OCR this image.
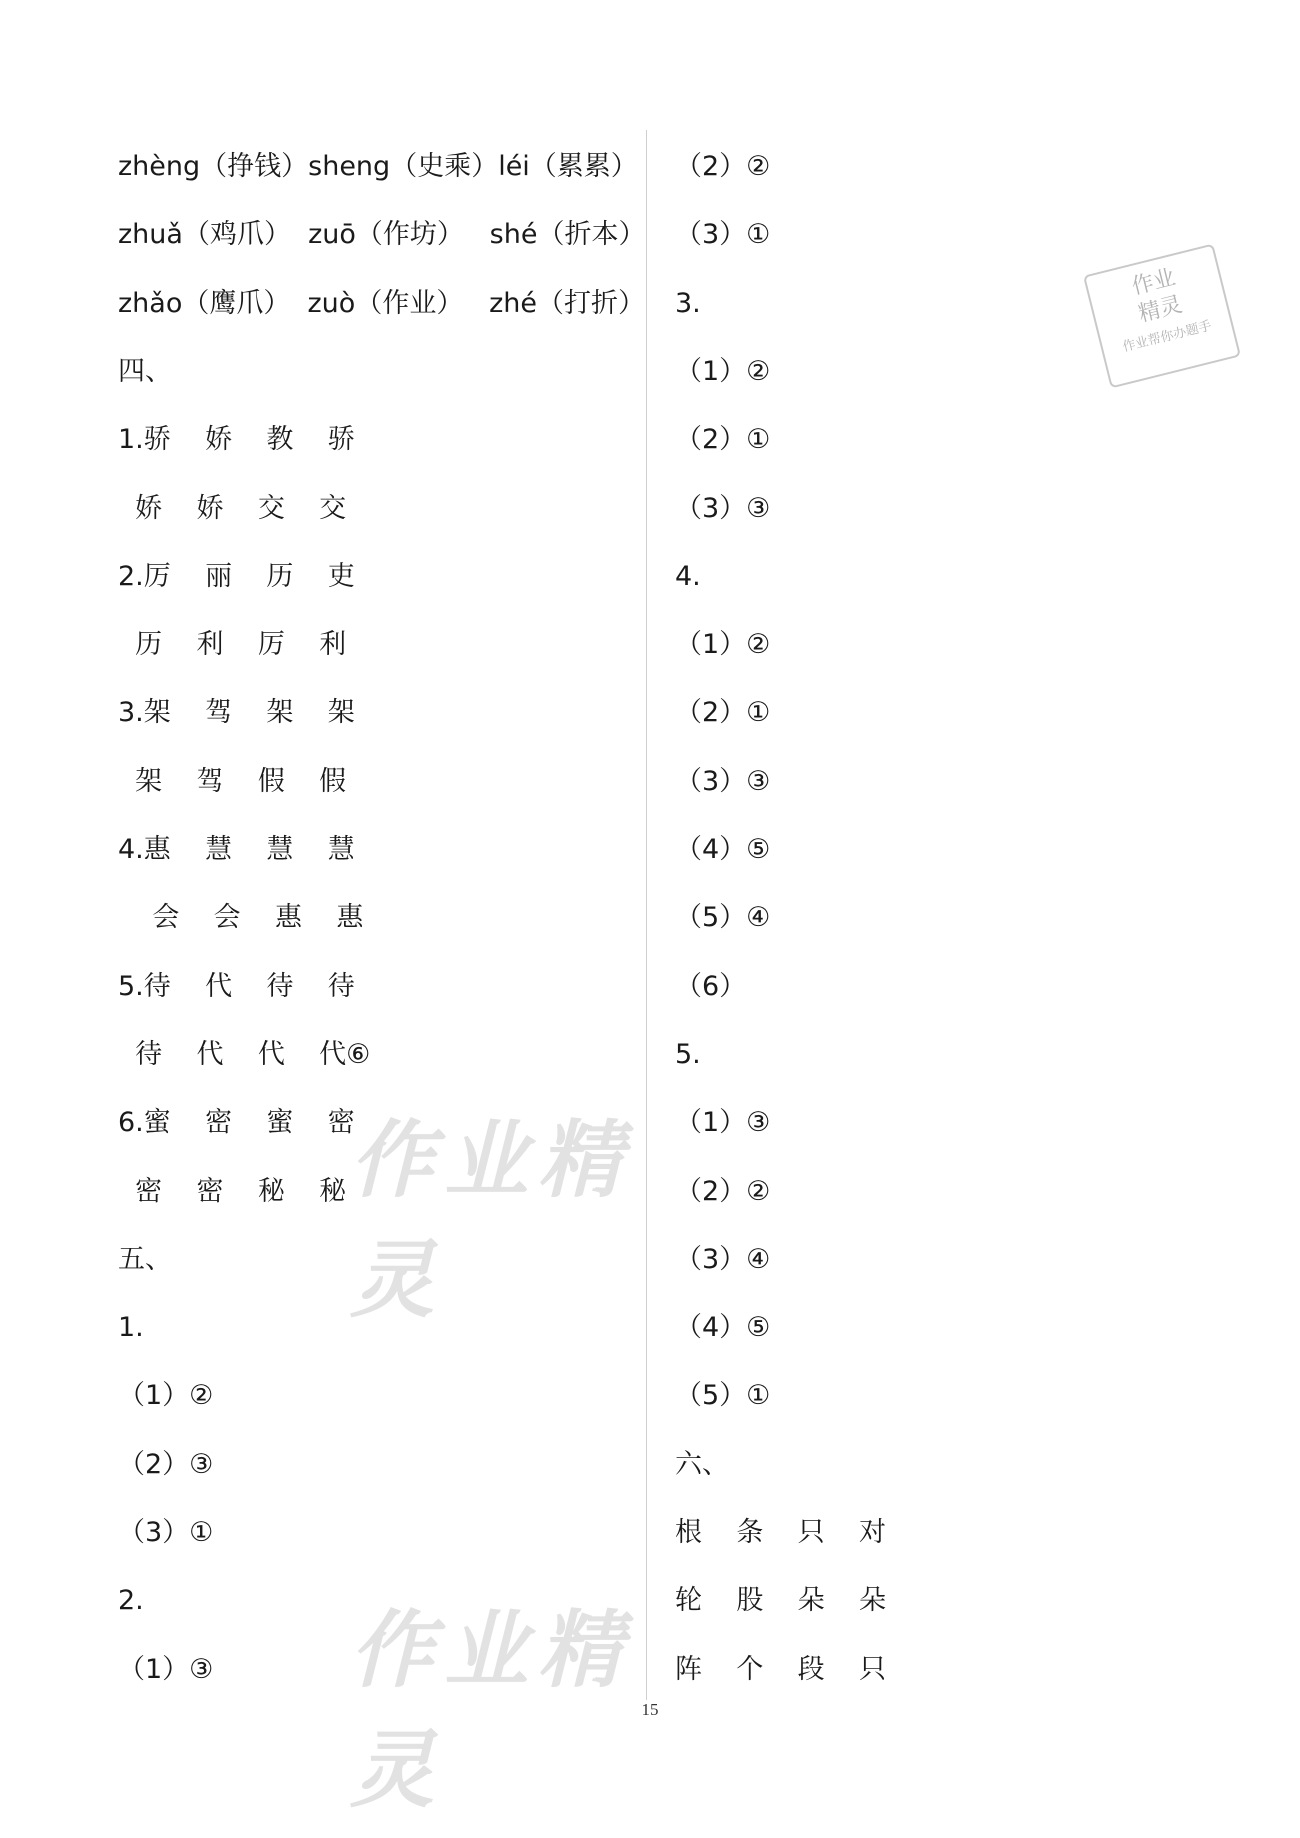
zhèng（挣钱）sheng（史乘）léi（累累）
zhuǎ（鸡爪）  zuō（作坊）   shé（折本）
zhǎo（鹰爪）  zuò（作业）   zhé（打折）
四、
1.骄    娇    教    骄
娇    娇    交    交
2.厉    丽    历    吏
历    利    厉    利
3.架    驾    架    架
架    驾    假    假
4.惠    慧    慧    慧
会    会    惠    惠
5.待    代    待    待
待    代    代    代⑥
6.蜜    密    蜜    密
密    密    秘    秘
五、
1.
（1）②
（2）③
（3）①
2.
（1）③
（2）②
（3）①
3.
（1）②
（2）①
（3）③
4.
（1）②
（2）①
（3）③
（4）⑤
（5）④
（6）
5.
（1）③
（2）②
（3）④
（4）⑤
（5）①
六、
根    条    只    对
轮    股    朵    朵
阵    个    段    只
作业精灵
作业精灵
作业
精灵
作业帮你办题手
15
